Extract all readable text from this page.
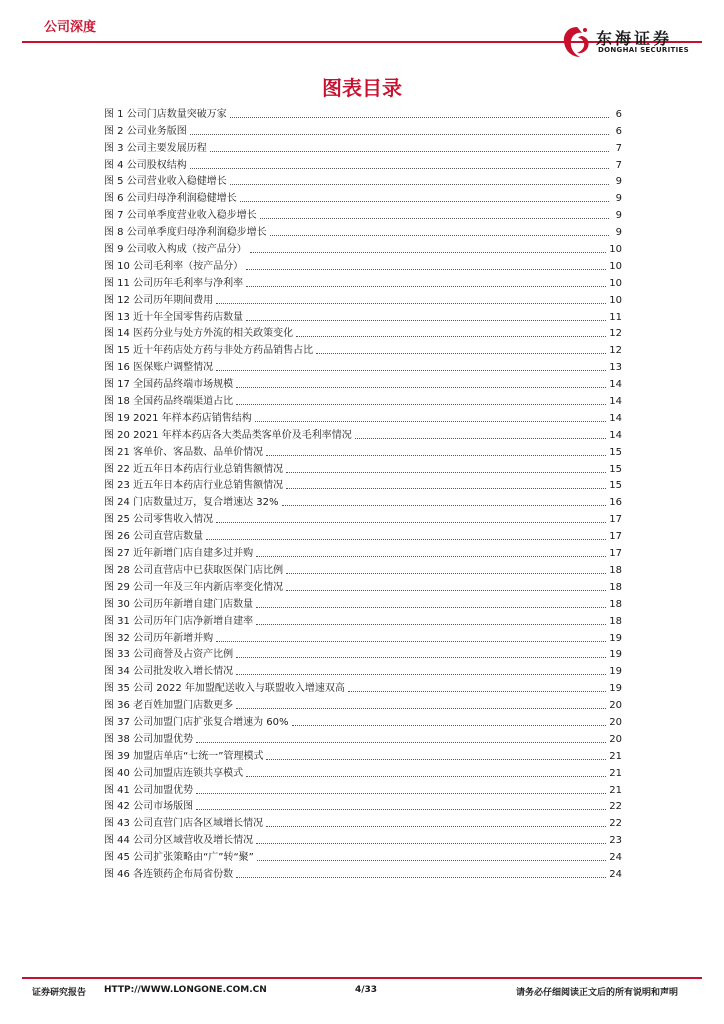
公司深度
东海证券
DONGHAI SECURITIES
图表目录
图 1 公司门店数量突破万家	6
图 2 公司业务版图	6
图 3 公司主要发展历程	7
图 4 公司股权结构	7
图 5 公司营业收入稳健增长	9
图 6 公司归母净利润稳健增长	9
图 7 公司单季度营业收入稳步增长	9
图 8 公司单季度归母净利润稳步增长	9
图 9 公司收入构成（按产品分）	10
图 10 公司毛利率（按产品分）	10
图 11 公司历年毛利率与净利率	10
图 12 公司历年期间费用	10
图 13 近十年全国零售药店数量	11
图 14 医药分业与处方外流的相关政策变化	12
图 15 近十年药店处方药与非处方药品销售占比	12
图 16 医保账户调整情况	13
图 17 全国药品终端市场规模	14
图 18 全国药品终端渠道占比	14
图 19 2021 年样本药店销售结构	14
图 20 2021 年样本药店各大类品类客单价及毛利率情况	14
图 21 客单价、客品数、品单价情况	15
图 22 近五年日本药店行业总销售额情况	15
图 23 近五年日本药店行业总销售额情况	15
图 24 门店数量过万，复合增速达 32%	16
图 25 公司零售收入情况	17
图 26 公司直营店数量	17
图 27 近年新增门店自建多过并购	17
图 28 公司直营店中已获取医保门店比例	18
图 29 公司一年及三年内新店率变化情况	18
图 30 公司历年新增自建门店数量	18
图 31 公司历年门店净新增自建率	18
图 32 公司历年新增并购	19
图 33 公司商誉及占资产比例	19
图 34 公司批发收入增长情况	19
图 35 公司 2022 年加盟配送收入与联盟收入增速双高	19
图 36 老百姓加盟门店数更多	20
图 37 公司加盟门店扩张复合增速为 60%	20
图 38 公司加盟优势	20
图 39 加盟店单店“七统一”管理模式	21
图 40 公司加盟店连锁共享模式	21
图 41 公司加盟优势	21
图 42 公司市场版图	22
图 43 公司直营门店各区域增长情况	22
图 44 公司分区域营收及增长情况	23
图 45 公司扩张策略由“广”转“聚”	24
图 46 各连锁药企布局省份数	24
证券研究报告 HTTP://WWW.LONGONE.COM.CN	4/33	请务必仔细阅读正文后的所有说明和声明
